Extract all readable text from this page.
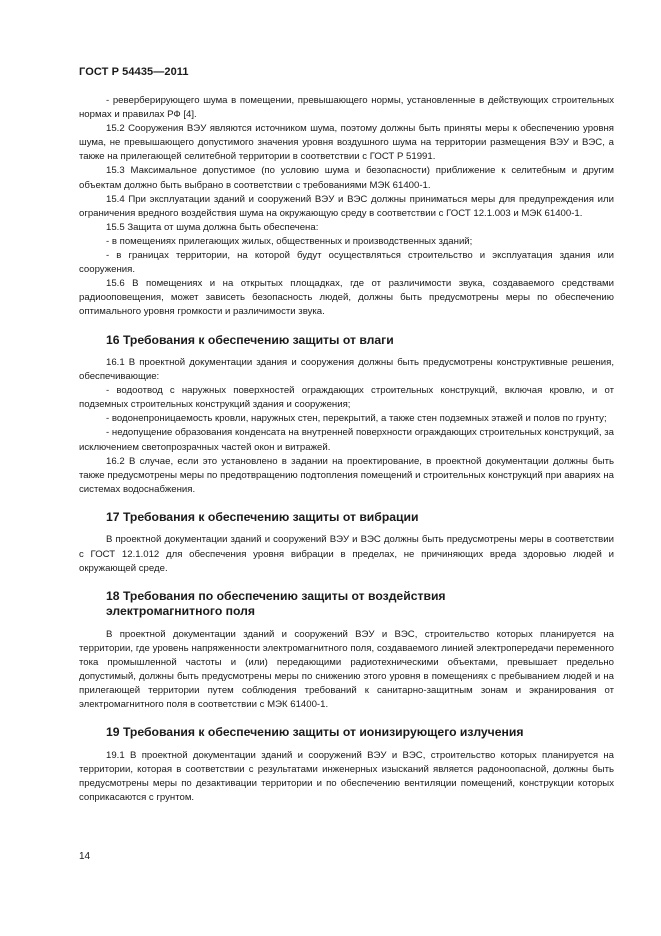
ГОСТ Р 54435—2011

- реверберирующего шума в помещении, превышающего нормы, установленные в действующих строительных нормах и правилах РФ [4].

15.2 Сооружения ВЭУ являются источником шума, поэтому должны быть приняты меры к обеспечению уровня шума, не превышающего допустимого значения уровня воздушного шума на территории размещения ВЭУ и ВЭС, а также на прилегающей селитебной территории в соответствии с ГОСТ Р 51991.

15.3 Максимальное допустимое (по условию шума и безопасности) приближение к селитебным и другим объектам должно быть выбрано в соответствии с требованиями МЭК 61400-1.

15.4 При эксплуатации зданий и сооружений ВЭУ и ВЭС должны приниматься меры для предупреждения или ограничения вредного воздействия шума на окружающую среду в соответствии с ГОСТ 12.1.003 и МЭК 61400-1.

15.5 Защита от шума должна быть обеспечена:

- в помещениях прилегающих жилых, общественных и производственных зданий;

- в границах территории, на которой будут осуществляться строительство и эксплуатация здания или сооружения.

15.6 В помещениях и на открытых площадках, где от различимости звука, создаваемого средствами радиооповещения, может зависеть безопасность людей, должны быть предусмотрены меры по обеспечению оптимального уровня громкости и различимости звука.

16 Требования к обеспечению защиты от влаги

16.1 В проектной документации здания и сооружения должны быть предусмотрены конструктивные решения, обеспечивающие:

- водоотвод с наружных поверхностей ограждающих строительных конструкций, включая кровлю, и от подземных строительных конструкций здания и сооружения;

- водонепроницаемость кровли, наружных стен, перекрытий, а также стен подземных этажей и полов по грунту;

- недопущение образования конденсата на внутренней поверхности ограждающих строительных конструкций, за исключением светопрозрачных частей окон и витражей.

16.2 В случае, если это установлено в задании на проектирование, в проектной документации должны быть также предусмотрены меры по предотвращению подтопления помещений и строительных конструкций при авариях на системах водоснабжения.

17 Требования к обеспечению защиты от вибрации

В проектной документации зданий и сооружений ВЭУ и ВЭС должны быть предусмотрены меры в соответствии с ГОСТ 12.1.012 для обеспечения уровня вибрации в пределах, не причиняющих вреда здоровью людей и окружающей среде.

18 Требования по обеспечению защиты от воздействия
электромагнитного поля

В проектной документации зданий и сооружений ВЭУ и ВЭС, строительство которых планируется на территории, где уровень напряженности электромагнитного поля, создаваемого линией электропередачи переменного тока промышленной частоты и (или) передающими радиотехническими объектами, превышает предельно допустимый, должны быть предусмотрены меры по снижению этого уровня в помещениях с пребыванием людей и на прилегающей территории путем соблюдения требований к санитарно-защитным зонам и экранирования от электромагнитного поля в соответствии с МЭК 61400-1.

19 Требования к обеспечению защиты от ионизирующего излучения

19.1 В проектной документации зданий и сооружений ВЭУ и ВЭС, строительство которых планируется на территории, которая в соответствии с результатами инженерных изысканий является радоноопасной, должны быть предусмотрены меры по дезактивации территории и по обеспечению вентиляции помещений, конструкции которых соприкасаются с грунтом.

14
